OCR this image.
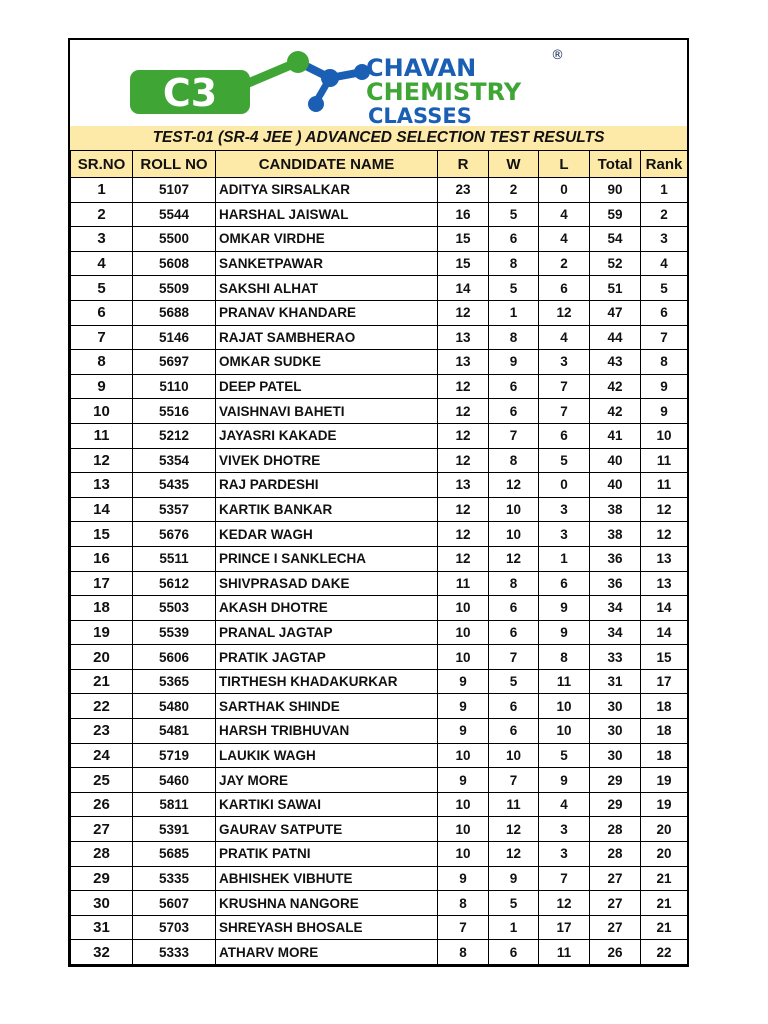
C3
CHAVAN	®
CHEMISTRY
CLASSES
TEST-01 (SR-4 JEE ) ADVANCED SELECTION TEST RESULTS
SR.NO	ROLL NO	CANDIDATE NAME	R	W	L	Total	Rank
1	5107	ADITYA SIRSALKAR	23	2	0	90	1
2	5544	HARSHAL JAISWAL	16	5	4	59	2
3	5500	OMKAR VIRDHE	15	6	4	54	3
4	5608	SANKETPAWAR	15	8	2	52	4
5	5509	SAKSHI ALHAT	14	5	6	51	5
6	5688	PRANAV KHANDARE	12	1	12	47	6
7	5146	RAJAT SAMBHERAO	13	8	4	44	7
8	5697	OMKAR SUDKE	13	9	3	43	8
9	5110	DEEP PATEL	12	6	7	42	9
10	5516	VAISHNAVI BAHETI	12	6	7	42	9
11	5212	JAYASRI KAKADE	12	7	6	41	10
12	5354	VIVEK DHOTRE	12	8	5	40	11
13	5435	RAJ PARDESHI	13	12	0	40	11
14	5357	KARTIK BANKAR	12	10	3	38	12
15	5676	KEDAR WAGH	12	10	3	38	12
16	5511	PRINCE I SANKLECHA	12	12	1	36	13
17	5612	SHIVPRASAD DAKE	11	8	6	36	13
18	5503	AKASH DHOTRE	10	6	9	34	14
19	5539	PRANAL JAGTAP	10	6	9	34	14
20	5606	PRATIK JAGTAP	10	7	8	33	15
21	5365	TIRTHESH KHADAKURKAR	9	5	11	31	17
22	5480	SARTHAK SHINDE	9	6	10	30	18
23	5481	HARSH TRIBHUVAN	9	6	10	30	18
24	5719	LAUKIK WAGH	10	10	5	30	18
25	5460	JAY MORE	9	7	9	29	19
26	5811	KARTIKI SAWAI	10	11	4	29	19
27	5391	GAURAV SATPUTE	10	12	3	28	20
28	5685	PRATIK PATNI	10	12	3	28	20
29	5335	ABHISHEK VIBHUTE	9	9	7	27	21
30	5607	KRUSHNA NANGORE	8	5	12	27	21
31	5703	SHREYASH BHOSALE	7	1	17	27	21
32	5333	ATHARV MORE	8	6	11	26	22
